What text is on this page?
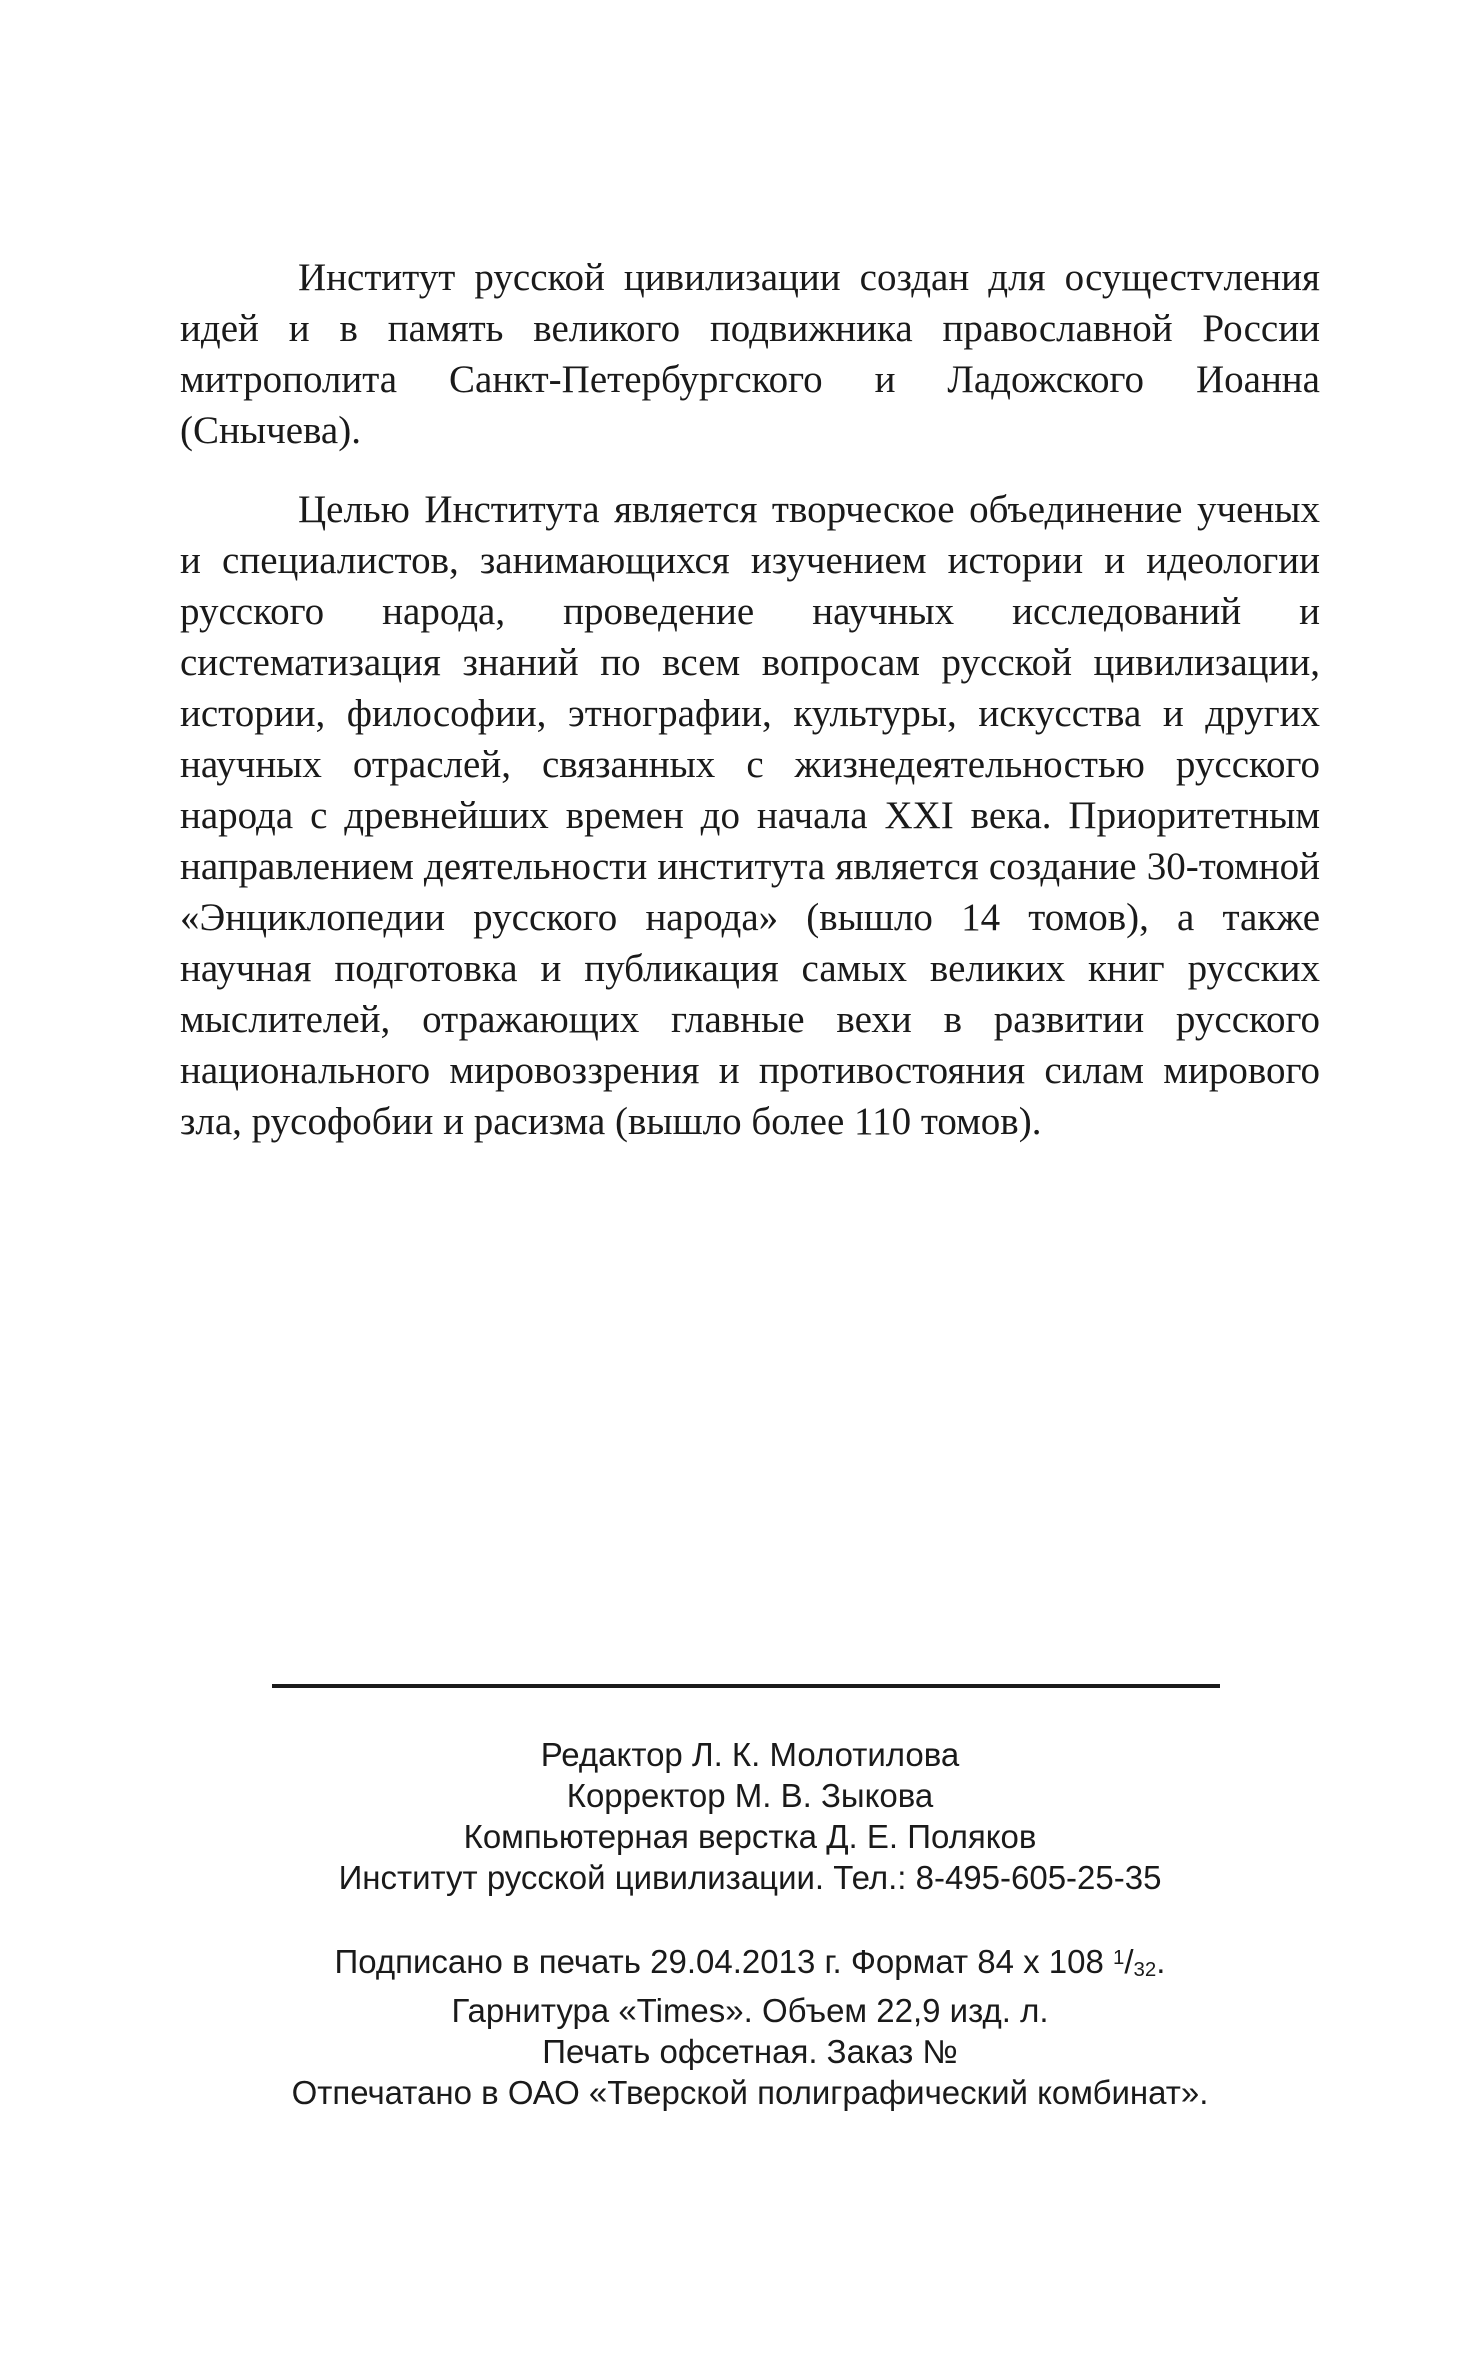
Институт русской цивилизации создан для осущестvления идей и в память великого подвижника православной России митрополита Санкт-Петербургского и Ладожского Иоанна (Снычева).

Целью Института является творческое объединение ученых и специалистов, занимающихся изучением истории и идеологии русского народа, проведение научных исследований и систематизация знаний по всем вопросам русской цивилизации, истории, философии, этнографии, культуры, искусства и других научных отраслей, связанных с жизнедеятельностью русского народа с древнейших времен до начала XXI века. Приоритетным направлением деятельности института является создание 30-томной «Энциклопедии русского народа» (вышло 14 томов), а также научная подготовка и публикация самых великих книг русских мыслителей, отражающих главные вехи в развитии русского национального мировоззрения и противостояния силам мирового зла, русофобии и расизма (вышло более 110 томов).

Редактор Л. К. Молотилова
Корректор М. В. Зыкова
Компьютерная верстка Д. Е. Поляков
Институт русской цивилизации. Тел.: 8-495-605-25-35
Подписано в печать 29.04.2013 г. Формат 84 х 108 $^1/_{32}$.
Гарнитура «Times». Объем 22,9 изд. л.
Печать офсетная. Заказ №
Отпечатано в ОАО «Тверской полиграфический комбинат».
